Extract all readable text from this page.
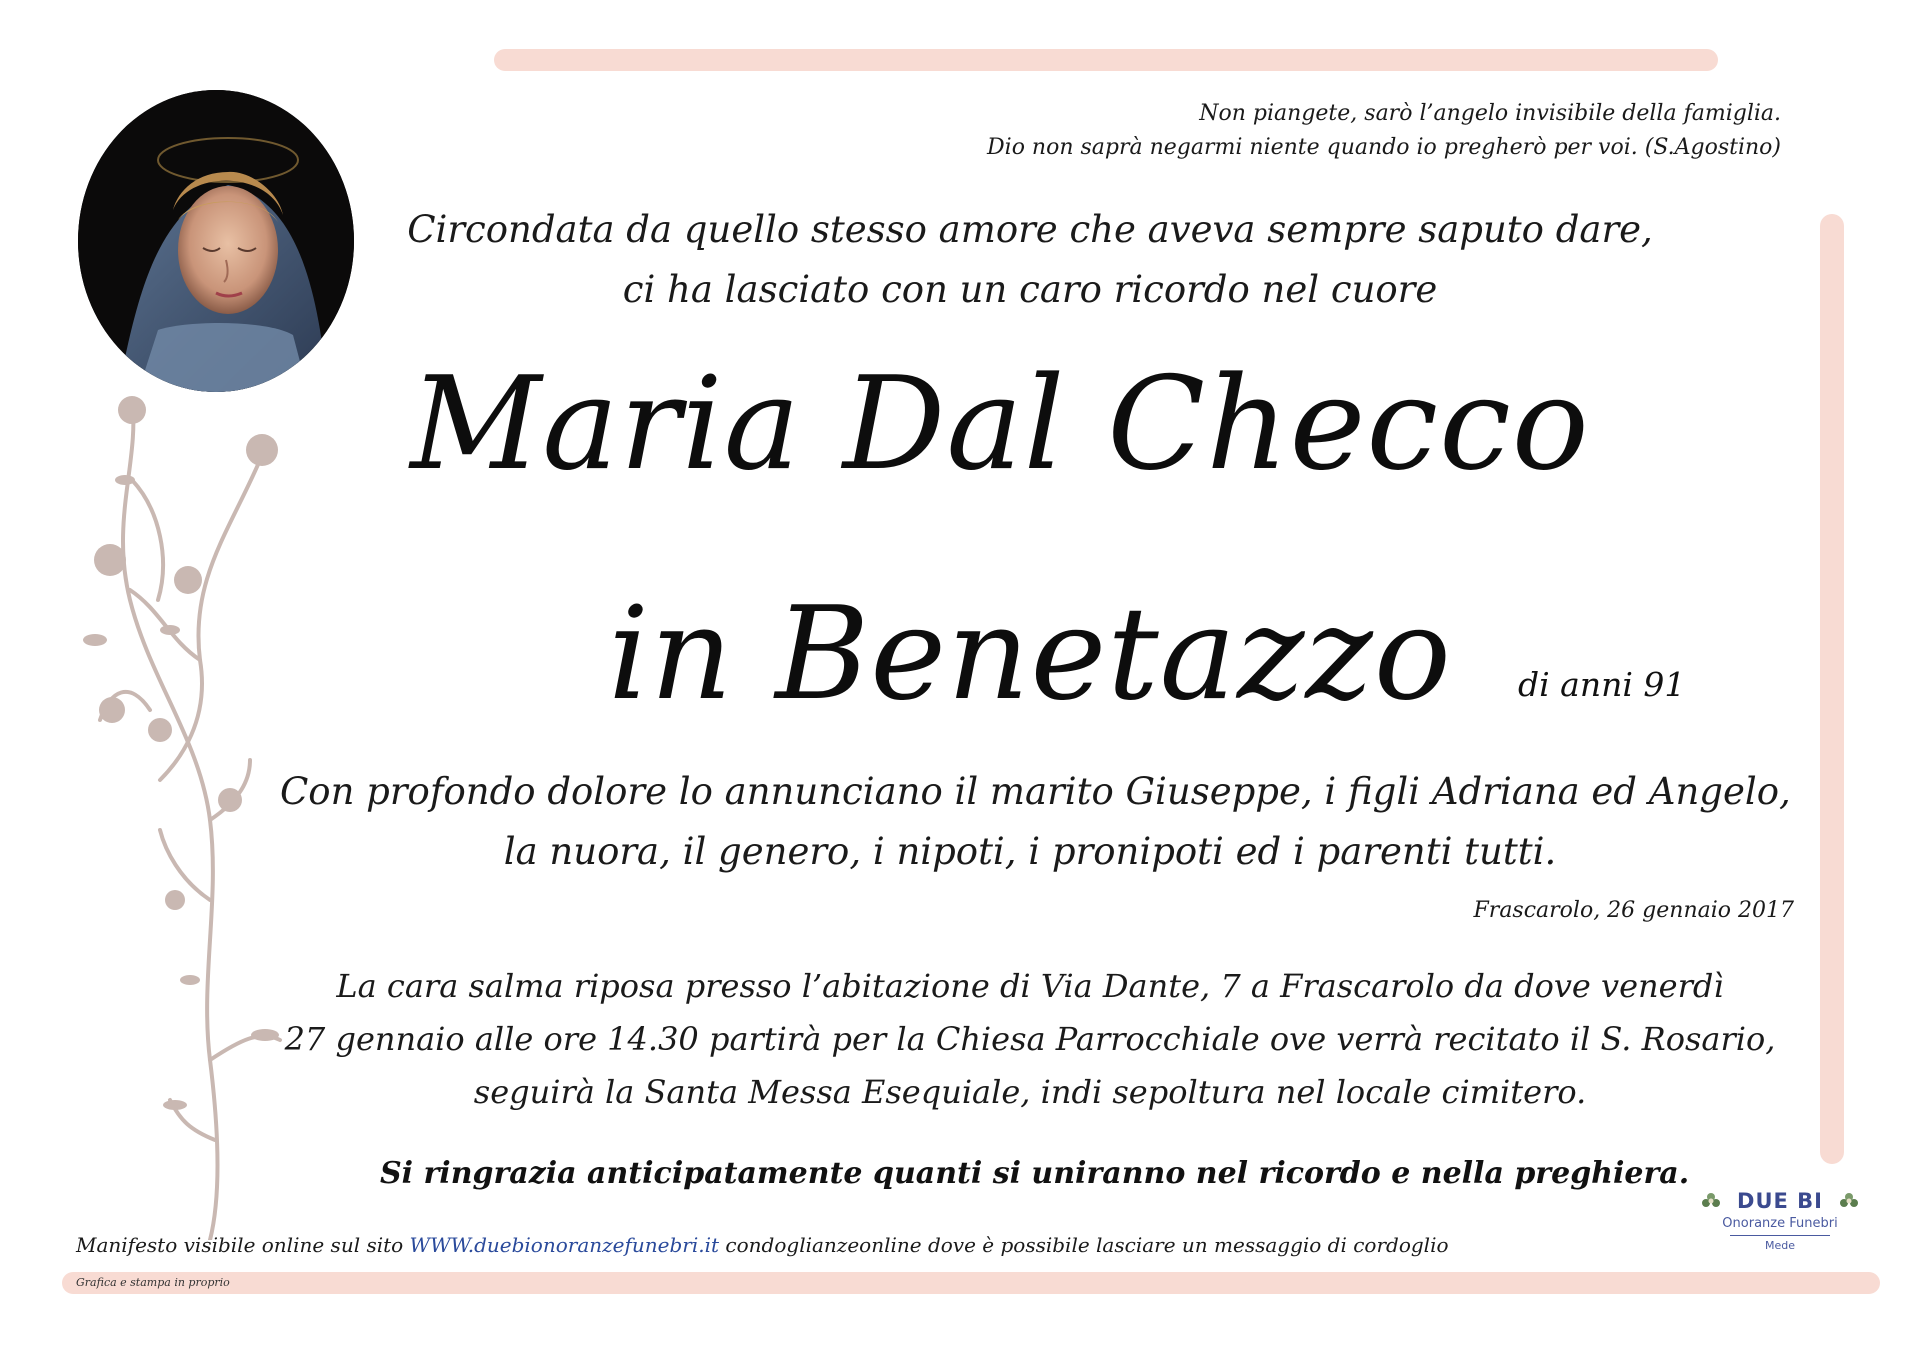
Non piangete, sarò l’angelo invisibile della famiglia.
Dio non saprà negarmi niente quando io pregherò per voi. (S.Agostino)
Circondata da quello stesso amore che aveva sempre saputo dare,
ci ha lasciato con un caro ricordo nel cuore
Maria Dal Checco
in Benetazzo	di anni 91
Con profondo dolore lo annunciano il marito Giuseppe, i figli Adriana ed Angelo,
la nuora, il genero, i nipoti, i pronipoti ed i parenti tutti.
Frascarolo, 26 gennaio 2017
La cara salma riposa presso l’abitazione di Via Dante, 7 a Frascarolo da dove venerdì
27 gennaio alle ore 14.30 partirà per la Chiesa Parrocchiale ove verrà recitato il S. Rosario,
seguirà la Santa Messa Esequiale, indi sepoltura nel locale cimitero.
Si ringrazia anticipatamente quanti si uniranno nel ricordo e nella preghiera.
Manifesto visibile online sul sito WWW.duebionoranzefunebri.it condoglianzeonline dove è possibile lasciare un messaggio di cordoglio
Grafica e stampa in proprio
DUE BI
Onoranze Funebri
Mede
